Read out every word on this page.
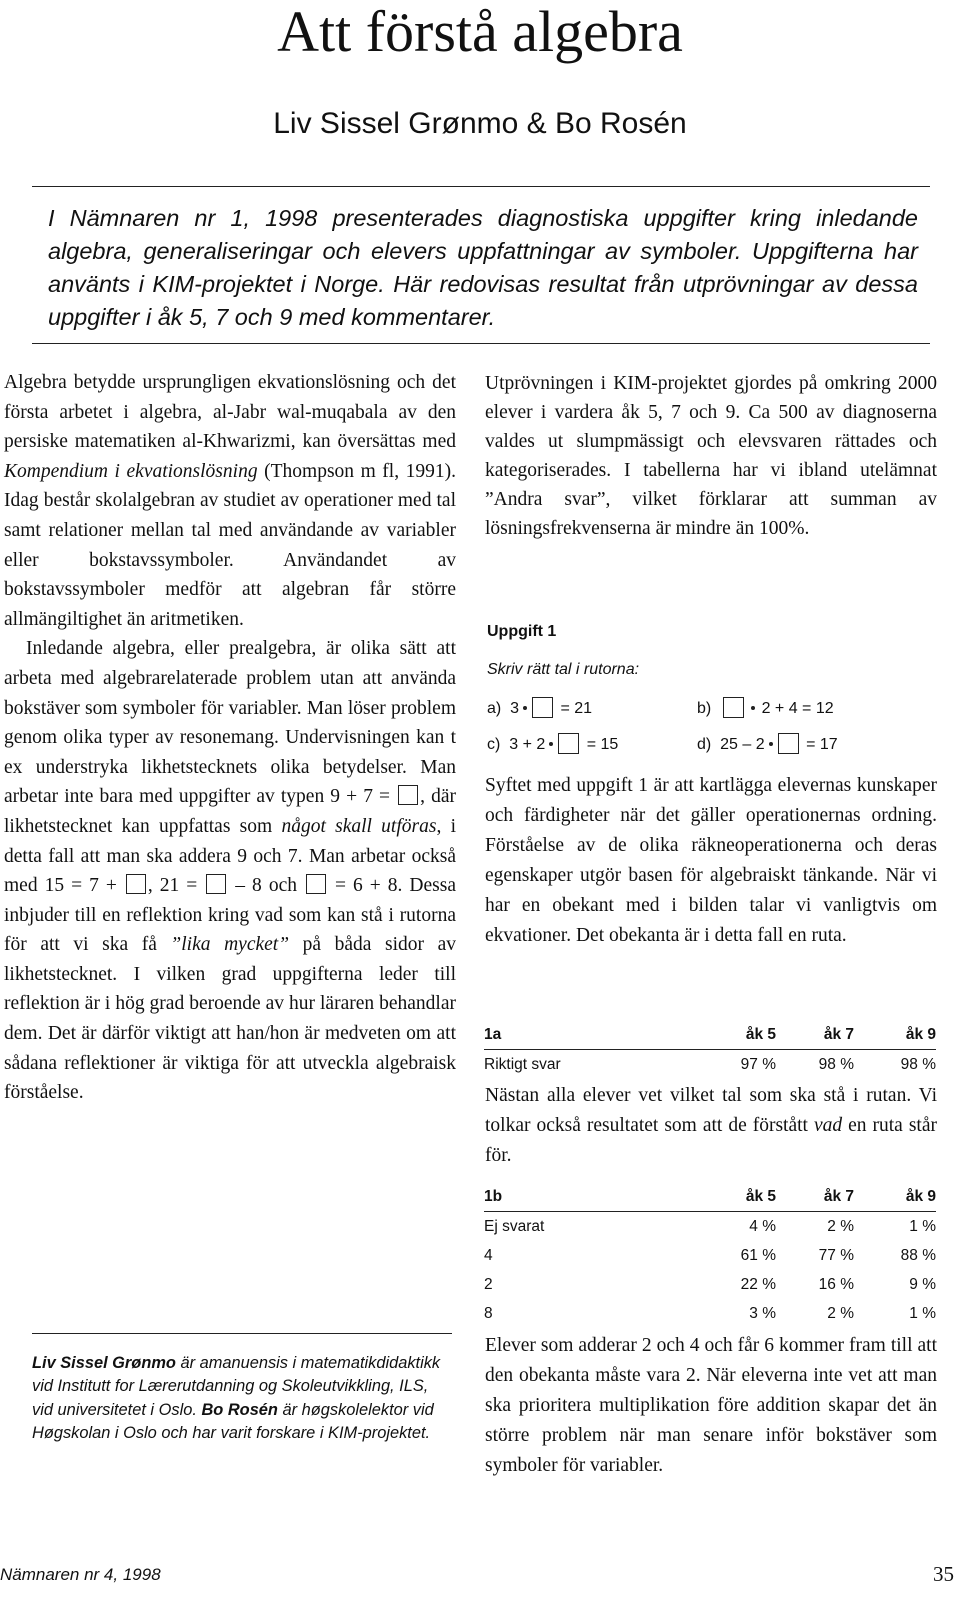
Att förstå algebra
Liv Sissel Grønmo & Bo Rosén

I Nämnaren nr 1, 1998 presenterades diagnostiska uppgifter kring inledande algebra, generaliseringar och elevers uppfattningar av symboler. Uppgifterna har använts i KIM-projektet i Norge. Här redovisas resultat från utprövningar av dessa uppgifter i åk 5, 7 och 9 med kommentarer.

Algebra betydde ursprungligen ekvationslösning och det första arbetet i algebra, al-Jabr wal-muqabala av den persiske matematiken al-Khwarizmi, kan översättas med Kompendium i ekvationslösning (Thompson m fl, 1991). Idag består skolalgebran av studiet av operationer med tal samt relationer mellan tal med användande av variabler eller bokstavssymboler. Användandet av bokstavssymboler medför att algebran får större allmängiltighet än aritmetiken.

Inledande algebra, eller prealgebra, är olika sätt att arbeta med algebrarelaterade problem utan att använda bokstäver som symboler för variabler. Man löser problem genom olika typer av resonemang. Undervisningen kan t ex understryka likhetstecknets olika betydelser. Man arbetar inte bara med uppgifter av typen 9 + 7 = , där likhetstecknet kan uppfattas som något skall utföras, i detta fall att man ska addera 9 och 7. Man arbetar också med 15 = 7 + , 21 =  – 8 och  = 6 + 8. Dessa inbjuder till en reflektion kring vad som kan stå i rutorna för att vi ska få ”lika mycket” på båda sidor av likhetstecknet. I vilken grad uppgifterna leder till reflektion är i hög grad beroende av hur läraren behandlar dem. Det är därför viktigt att han/hon är medveten om att sådana reflektioner är viktiga för att utveckla algebraisk förståelse.

Liv Sissel Grønmo är amanuensis i matematikdidaktikk vid Institutt for Lærerutdanning og Skoleutvikkling, ILS, vid universitetet i Oslo. Bo Rosén är høgskolelektor vid Høgskolan i Oslo och har varit forskare i KIM-projektet.

Utprövningen i KIM-projektet gjordes på omkring 2000 elever i vardera åk 5, 7 och 9. Ca 500 av diagnoserna valdes ut slumpmässigt och elevsvaren rättades och kategoriserades. I tabellerna har vi ibland utelämnat ”Andra svar”, vilket förklarar att summan av lösningsfrekvenserna är mindre än 100%.

Uppgift 1
Skriv rätt tal i rutorna:
a) 3	= 21	b)	2 + 4 = 12
c) 3 + 2	= 15	d) 25 – 2	= 17

Syftet med uppgift 1 är att kartlägga elevernas kunskaper och färdigheter när det gäller operationernas ordning. Förståelse av de olika räkneoperationerna och deras egenskaper utgör basen för algebraiskt tänkande. När vi har en obekant med i bilden talar vi vanligtvis om ekvationer. Det obekanta är i detta fall en ruta.

1a	åk 5	åk 7	åk 9
Riktigt svar	97 %	98 %	98 %

Nästan alla elever vet vilket tal som ska stå i rutan. Vi tolkar också resultatet som att de förstått vad en ruta står för.

1b	åk 5	åk 7	åk 9
Ej svarat	4 %	2 %	1 %
4	61 %	77 %	88 %
2	22 %	16 %	9 %
8	3 %	2 %	1 %

Elever som adderar 2 och 4 och får 6 kommer fram till att den obekanta måste vara 2. När eleverna inte vet att man ska prioritera multiplikation före addition skapar det än större problem när man senare inför bokstäver som symboler för variabler.

Nämnaren nr 4, 1998	35
